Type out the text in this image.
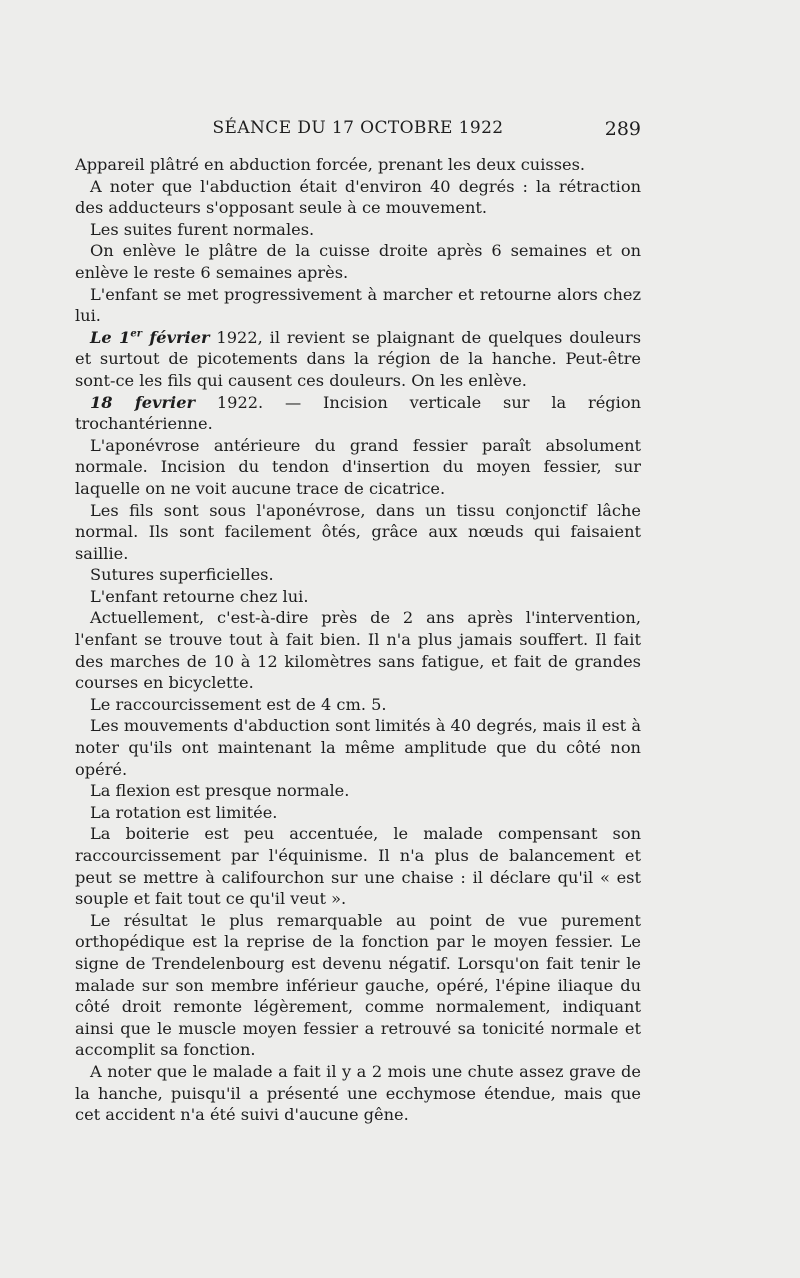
SÉANCE DU 17 OCTOBRE 1922	289

Appareil plâtré en abduction forcée, prenant les deux cuisses.

A noter que l'abduction était d'environ 40 degrés : la rétraction des adducteurs s'opposant seule à ce mouvement.

Les suites furent normales.

On enlève le plâtre de la cuisse droite après 6 semaines et on enlève le reste 6 semaines après.

L'enfant se met progressivement à marcher et retourne alors chez lui.

Le 1er février 1922, il revient se plaignant de quelques douleurs et surtout de picotements dans la région de la hanche. Peut-être sont-ce les fils qui causent ces douleurs. On les enlève.

18 fevrier 1922. — Incision verticale sur la région trochantérienne.

L'aponévrose antérieure du grand fessier paraît absolument normale. Incision du tendon d'insertion du moyen fessier, sur laquelle on ne voit aucune trace de cicatrice.

Les fils sont sous l'aponévrose, dans un tissu conjonctif lâche normal. Ils sont facilement ôtés, grâce aux nœuds qui faisaient saillie.

Sutures superficielles.

L'enfant retourne chez lui.

Actuellement, c'est-à-dire près de 2 ans après l'intervention, l'enfant se trouve tout à fait bien. Il n'a plus jamais souffert. Il fait des marches de 10 à 12 kilomètres sans fatigue, et fait de grandes courses en bicyclette.

Le raccourcissement est de 4 cm. 5.

Les mouvements d'abduction sont limités à 40 degrés, mais il est à noter qu'ils ont maintenant la même amplitude que du côté non opéré.

La flexion est presque normale.

La rotation est limitée.

La boiterie est peu accentuée, le malade compensant son raccourcissement par l'équinisme. Il n'a plus de balancement et peut se mettre à califourchon sur une chaise : il déclare qu'il « est souple et fait tout ce qu'il veut ».

Le résultat le plus remarquable au point de vue purement orthopédique est la reprise de la fonction par le moyen fessier. Le signe de Trendelenbourg est devenu négatif. Lorsqu'on fait tenir le malade sur son membre inférieur gauche, opéré, l'épine iliaque du côté droit remonte légèrement, comme normalement, indiquant ainsi que le muscle moyen fessier a retrouvé sa tonicité normale et accomplit sa fonction.

A noter que le malade a fait il y a 2 mois une chute assez grave de la hanche, puisqu'il a présenté une ecchymose étendue, mais que cet accident n'a été suivi d'aucune gêne.
